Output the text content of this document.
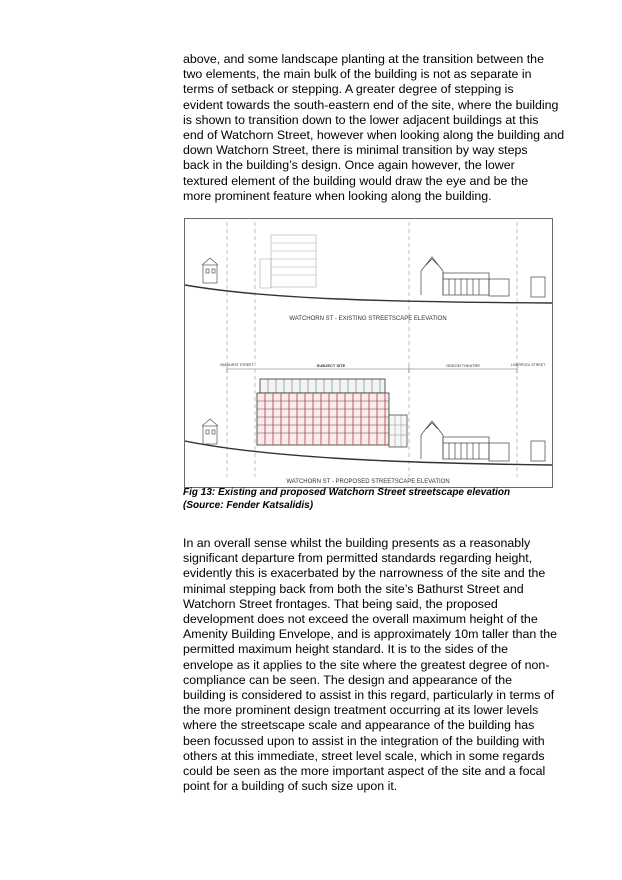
above, and some landscape planting at the transition between the
two elements, the main bulk of the building is not as separate in
terms of setback or stepping. A greater degree of stepping is
evident towards the south-eastern end of the site, where the building
is shown to transition down to the lower adjacent buildings at this
end of Watchorn Street, however when looking along the building and
down Watchorn Street, there is minimal transition by way steps
back in the building’s design. Once again however, the lower
textured element of the building would draw the eye and be the
more prominent feature when looking along the building.

WATCHORN ST - EXISTING STREETSCAPE ELEVATION
BATHURST STREET	SUBJECT SITE	ODEON THEATRE	LIVERPOOL STREET
WATCHORN ST - PROPOSED STREETSCAPE ELEVATION
Fig 13: Existing and proposed Watchorn Street streetscape elevation
(Source: Fender Katsalidis)

In an overall sense whilst the building presents as a reasonably
significant departure from permitted standards regarding height,
evidently this is exacerbated by the narrowness of the site and the
minimal stepping back from both the site’s Bathurst Street and
Watchorn Street frontages. That being said, the proposed
development does not exceed the overall maximum height of the
Amenity Building Envelope, and is approximately 10m taller than the
permitted maximum height standard. It is to the sides of the
envelope as it applies to the site where the greatest degree of non-
compliance can be seen. The design and appearance of the
building is considered to assist in this regard, particularly in terms of
the more prominent design treatment occurring at its lower levels
where the streetscape scale and appearance of the building has
been focussed upon to assist in the integration of the building with
others at this immediate, street level scale, which in some regards
could be seen as the more important aspect of the site and a focal
point for a building of such size upon it.
